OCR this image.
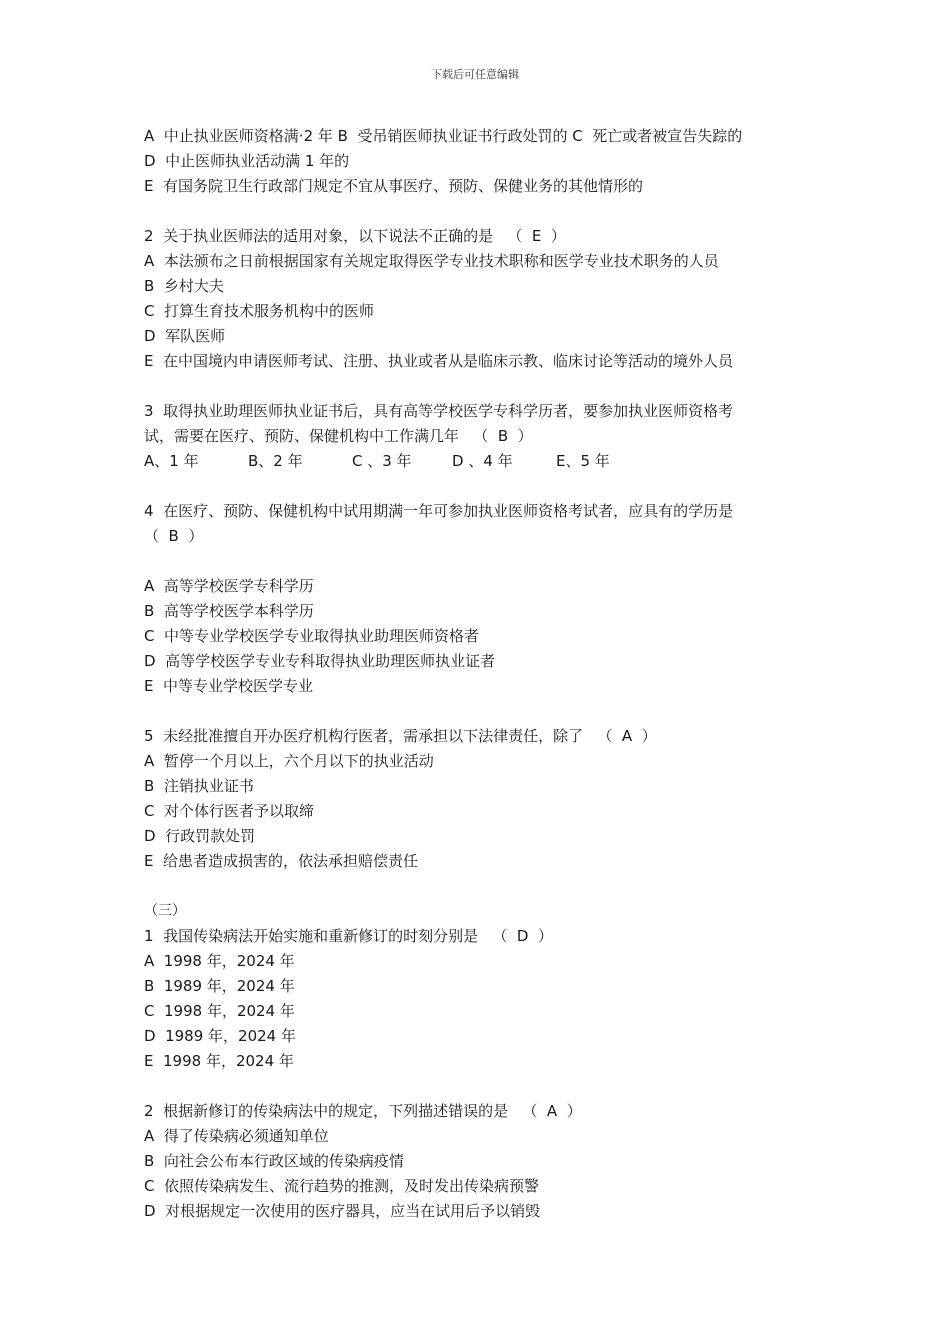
下载后可任意编辑
A  中止执业医师资格满·2 年 B  受吊销医师执业证书行政处罚的 C  死亡或者被宣告失踪的
D  中止医师执业活动满 1 年的
E  有国务院卫生行政部门规定不宜从事医疗、预防、保健业务的其他情形的
2  关于执业医师法的适用对象，以下说法不正确的是   （  E  ）
A  本法颁布之日前根据国家有关规定取得医学专业技术职称和医学专业技术职务的人员
B  乡村大夫
C  打算生育技术服务机构中的医师
D  军队医师
E  在中国境内申请医师考试、注册、执业或者从是临床示教、临床讨论等活动的境外人员
3  取得执业助理医师执业证书后，具有高等学校医学专科学历者，要参加执业医师资格考
试，需要在医疗、预防、保健机构中工作满几年   （  B  ）
A、1 年	B、2 年	C 、3 年	D 、4 年	E、5 年
4  在医疗、预防、保健机构中试用期满一年可参加执业医师资格考试者，应具有的学历是
（  B  ）
A  高等学校医学专科学历
B  高等学校医学本科学历
C  中等专业学校医学专业取得执业助理医师资格者
D  高等学校医学专业专科取得执业助理医师执业证者
E  中等专业学校医学专业
5  未经批准擅自开办医疗机构行医者，需承担以下法律责任，除了   （  A  ）
A  暂停一个月以上，六个月以下的执业活动
B  注销执业证书
C  对个体行医者予以取缔
D  行政罚款处罚
E  给患者造成损害的，依法承担赔偿责任
（三）
1  我国传染病法开始实施和重新修订的时刻分别是   （  D  ）
A  1998 年，2024 年
B  1989 年，2024 年
C  1998 年，2024 年
D  1989 年，2024 年
E  1998 年，2024 年
2  根据新修订的传染病法中的规定，下列描述错误的是   （  A  ）
A  得了传染病必须通知单位
B  向社会公布本行政区域的传染病疫情
C  依照传染病发生、流行趋势的推测，及时发出传染病预警
D  对根据规定一次使用的医疗器具，应当在试用后予以销毁
